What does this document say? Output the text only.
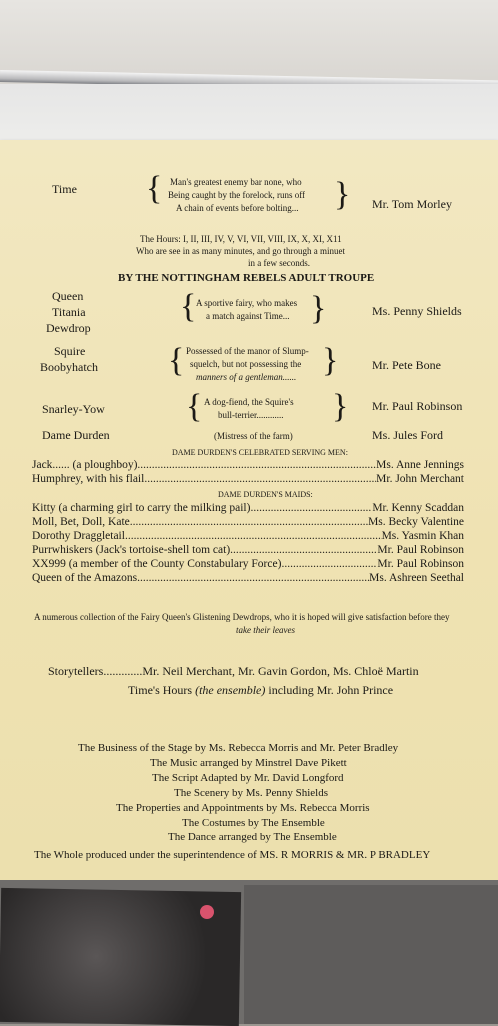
Time { Man's greatest enemy bar none, who
Being caught by the forelock, runs off
A chain of events before bolting... } Mr. Tom Morley
The Hours: I, II, III, IV, V, VI, VII, VIII, IX, X, XI, X11
Who are see in as many minutes, and go through a minuet
in a few seconds.
BY THE NOTTINGHAM REBELS ADULT TROUPE
Queen
Titania
Dewdrop
{ A sportive fairy, who makes
a match against Time... }	Ms. Penny Shields
Squire
Boobyhatch { Possessed of the manor of Slump-
squelch, but not possessing the
manners of a gentleman...... }	Mr. Pete Bone
Snarley-Yow { A dog-fiend, the Squire's
bull-terrier............ } Mr. Paul Robinson
Dame Durden	(Mistress of the farm)	Ms. Jules Ford
DAME DURDEN'S CELEBRATED SERVING MEN:
Jack...... (a ploughboy) .....	Ms. Anne Jennings
Humphrey, with his flail .....	Mr. John Merchant
DAME DURDEN'S MAIDS:
Kitty (a charming girl to carry the milking pail) .....	Mr. Kenny Scaddan
Moll, Bet, Doll, Kate .....	Ms. Becky Valentine
Dorothy Draggletail .....	Ms. Yasmin Khan
Purrwhiskers (Jack's tortoise-shell tom cat) .....	Mr. Paul Robinson
XX999 (a member of the County Constabulary Force) .....	Mr. Paul Robinson
Queen of the Amazons .....	Ms. Ashreen Seethal
A numerous collection of the Fairy Queen's Glistening Dewdrops, who it is hoped will give satisfaction before they
take their leaves
Storytellers.............Mr. Neil Merchant, Mr. Gavin Gordon, Ms. Chloë Martin
Time's Hours (the ensemble) including Mr. John Prince
The Business of the Stage by Ms. Rebecca Morris and Mr. Peter Bradley
The Music arranged by Minstrel Dave Pikett
The Script Adapted by Mr. David Longford
The Scenery by Ms. Penny Shields
The Properties and Appointments by Ms. Rebecca Morris
The Costumes by The Ensemble
The Dance arranged by The Ensemble
The Whole produced under the superintendence of MS. R MORRIS & MR. P BRADLEY
